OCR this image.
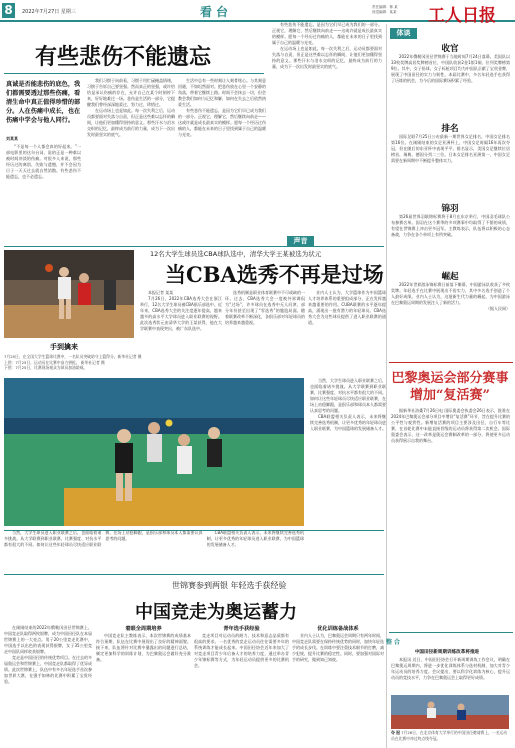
8	2022年7月27日 星期三	看台	责任编辑：林 某
视觉编辑：某某 工人日报
有些悲伤不能遗忘
真诚是否能悲伤的底色，我们都需要透过那些伤痛，看清生命中真正值得珍惜的部分。人在伤痛中成长，也在伤痛中学会与他人同行。
刘某某

“不是每一个人都会真的好起来。”一部电影里的这句台词，说的正是一种难以被时间冲淡的伤痛。对很多人来说，那些经历过的离别、失败与遗憾，并不会因为日子一天天过去就自然消散。有些悲伤不能遗忘，也不必遗忘。

我们习惯于向前看，习惯于用忙碌掩盖情绪，习惯于告诉自己要坚强。然而真正的坚强，或许恰恰是承认伤痛的存在，允许自己在某个时刻停下来，好好地难过一场。悲伤是生活的一部分，它提醒我们曾经深深地爱过、努力过、珍惜过。

在运动场上也是如此。每一次失利之后，运动员都要面对失落与自责，但正是这些难以忘怀的瞬间，让他们更加懂得坚持的意义。那些汗水与泪水交织的记忆，最终成为前行的力量，成为下一次出发时最坚实的底气。

生活中总有一些时刻让人刻骨铭心。与其刻意回避，不如坦然面对。把悲伤放在心里一个安静的角落，带着它继续上路。时间不会抹去一切，但会教会我们如何与记忆和解，如何在失去之后依然热爱生活。

有些悲伤不能遗忘，是因为它们早已成为我们的一部分。正视它，理解它，然后继续向前走——这或许就是成长最真实的模样。愿每一个经历过伤痛的人，都能在未来的日子里找到属于自己的温暖与光亮。

有些悲伤不能遗忘，是因为它们早已成为我们的一部分。正视它，理解它，然后继续向前走——这或许就是成长最真实的模样。愿每一个经历过伤痛的人，都能在未来的日子里找到属于自己的温暖与光亮。

在运动场上也是如此。每一次失利之后，运动员都要面对失落与自责，但正是这些难以忘怀的瞬间，让他们更加懂得坚持的意义。那些汗水与泪水交织的记忆，最终成为前行的力量，成为下一次出发时最坚实的底气。

声音
12名大学生球员选CBA球队选中，清华大学王某被选为状元
当CBA选秀不再是过场
手到擒来
7月25日，在全国大学生篮球比赛中，一名队员突破防守上篮得分。新华社记者 摄
上图：7月25日，运动员在比赛中奋力拼抢。 新华社记者 摄
下图：7月25日，比赛现场观众为球员加油助威。

本报记者 某某

7月26日，2022年CBA选秀大会在浙江举行，12名大学生球员被CBA俱乐部选中。近年来，CBA选秀大会的关注度逐年提高，越来越多的高水平大学球员进入职业联赛的视野。此次选秀状元由清华大学的王某获得，他在大学联赛中表现突出，被广东队选中。

选秀机制是职业体育联赛中不可或缺的一环。过去，CBA选秀大会一度被外界调侃为“过场”，许多球员在选秀中无人问津，部分年份甚至出现了“零选秀”的尴尬局面。随着联赛改革不断深化，各俱乐部对年轻球员的培养越来越重视。

业内人士认为，大学篮球作为中国篮球人才培养体系的重要组成部分，正在发挥越来越重要的作用。CUBA联赛的水平逐年提高，涌现出一批有潜力的年轻球员。CBA选秀大会为这些球员提供了进入职业联赛的通道。

当然，大学生球员进入职业联赛之后，也面临着诸多挑战。从大学联赛到职业联赛，比赛强度、对抗水平都有很大的不同。如何让这些年轻球员尽快适应职业联赛，在场上站稳脚跟，是俱乐部和球员本人都需要认真思考的问题。

CBA联盟相关负责人表示，未来将继续完善选秀机制，让更多优秀的年轻球员进入职业联赛，为中国篮球的发展储备人才。

当然，大学生球员进入职业联赛之后，也面临着诸多挑战。从大学联赛到职业联赛，比赛强度、对抗水平都有很大的不同。如何让这些年轻球员尽快适应职业联赛，在场上站稳脚跟，是俱乐部和球员本人都需要认真思考的问题。

CBA联盟相关负责人表示，未来将继续完善选秀机制，让更多优秀的年轻球员进入职业联赛，为中国篮球的发展储备人才。

世锦赛参到两银 年轻选手获经验
中国竞走为奥运蓄力

在刚刚结束的2022年俄勒冈田径世锦赛上，中国竞走队取得两枚银牌，成为中国田径队在本届世锦赛上的一大亮点。男子20公里竞走比赛中，中国选手以出色的表现获得银牌，女子35公里竞走中国队同样收获银牌。

竞走是中国田径的传统优势项目。在过去的多届奥运会和世锦赛上，中国竞走队都取得了优异成绩。此次世锦赛上，队伍中有多名年轻选手首次参加世界大赛，在强手如林的比赛中积累了宝贵经验。

着眼全周期培养

中国竞走队主教练表示，本次世锦赛的成绩基本符合预期，队伍在比赛中展现出了良好的精神面貌。接下来，队伍将针对比赛中暴露出的问题进行总结，制定更加科学的训练计划，为巴黎奥运会做好充分准备。

青年选手获经验

竞走项目对运动员的耐力、技术和意志品质都有很高的要求。一名优秀的竞走运动员往往需要多年的系统训练才能成长起来。中国田径协会近年来加大了对竞走项目青少年后备人才的培养力度，通过举办青少年锦标赛等方式，为年轻运动员提供更多的比赛机会。

优化训练备战体系

业内人士认为，巴黎奥运会周期只有两年时间，中国竞走队需要在保持传统优势的同时，加快年轻选手的成长步伐。在训练中要注重技术细节的打磨，减少犯规，提升比赛的稳定性。同时，要加强对国际对手的研究，做到知己知彼。

体谈
收官

2022年俄勒冈田径世锦赛于当地时间7月24日落幕。美国队以33枚奖牌高居奖牌榜首位，中国队收获2金1银1铜，位列奖牌榜第9位。其中，女子铅球、女子标枪项目均为中国队贡献了宝贵金牌，展现了中国田径的实力与韧性。本届比赛中，多名年轻选手也获得了历练的机会，为今后的国际赛场积累了经验。

排名

国际足联7月25日公布最新一期世界女足排名，中国女足排名第16位。在刚刚结束的女足亚洲杯上，中国女足时隔16年再次夺冠，但在随后的东亚杯中表现平平。排名显示，美国女足继续位居榜首，瑞典、德国分列二三位。日本女足排名亚洲第一，中国女足需要在新周期中不断提升整体实力。

锦羽

第26届世界羽联锦标赛将于8月在东京举行，中国羽毛球队公布参赛名单。国羽在这个赛季的多项赛事中均取得了不错的成绩，有望在世锦赛上冲击更多冠军。主教练表示，队伍将以积极的心态备战，力争在各个单项上有所突破。

崛起

2022年世界游泳锦标赛日前落下帷幕，中国游泳队收获了多枚奖牌。年轻选手在比赛中展现出不俗实力，其中多名选手创造了个人最好成绩。业内人士认为，这批新生代力量的崛起，为中国游泳在巴黎奥运周期的发展注入了新的活力。

（据人民网）
巴黎奥运会部分赛事增加“复活赛”

据新华社洛桑7月26日电 国际奥委会执委会26日表示，批准在2024年巴黎奥运会部分项目中增设“复活赛”环节，旨在提升比赛的公平性与观赏性。新增复活赛的项目主要涉及田径、自行车等比赛，在首轮比赛中未能直接晋级的运动员将获得第二次机会。国际奥委会表示，这一改革是奥运会赛制改革的一部分，将使更多运动员获得展示自我的舞台。

整合
中国田径新周期训练改革将推进

本报讯 近日，中国田径协会召开新周期训练工作会议，明确在巴黎奥运周期内，将进一步优化训练体系与选材机制，加大对青少年运动员的培养力度。会议提出，要以科学化训练为核心，提升运动员的竞技水平，力争在巴黎奥运会上取得更好成绩。

夺 冠 7月26日，在北京体育大学举行的中国田径邀请赛上，一名运动员在比赛中冲过终点线夺冠。
